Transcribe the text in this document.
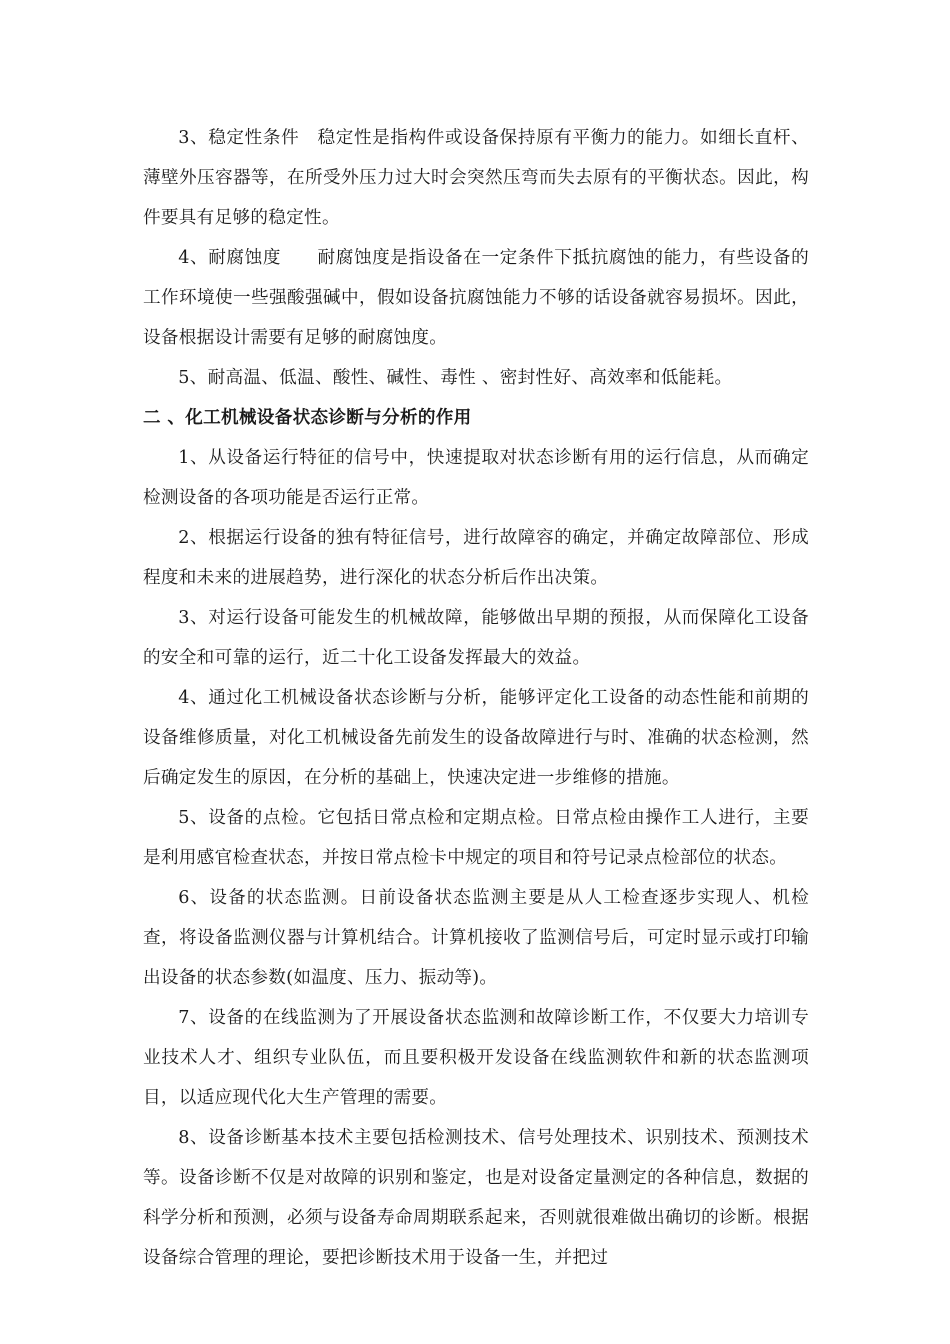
3、稳定性条件　稳定性是指构件或设备保持原有平衡力的能力。如细长直杆、薄壁外压容器等，在所受外压力过大时会突然压弯而失去原有的平衡状态。因此，构件要具有足够的稳定性。

4、耐腐蚀度　　耐腐蚀度是指设备在一定条件下抵抗腐蚀的能力，有些设备的工作环境使一些强酸强碱中，假如设备抗腐蚀能力不够的话设备就容易损坏。因此，设备根据设计需要有足够的耐腐蚀度。

5、耐高温、低温、酸性、碱性、毒性 、密封性好、高效率和低能耗。

二 、化工机械设备状态诊断与分析的作用

1、从设备运行特征的信号中，快速提取对状态诊断有用的运行信息，从而确定检测设备的各项功能是否运行正常。

2、根据运行设备的独有特征信号，进行故障容的确定，并确定故障部位、形成程度和未来的进展趋势，进行深化的状态分析后作出决策。

3、对运行设备可能发生的机械故障，能够做出早期的预报，从而保障化工设备的安全和可靠的运行，近二十化工设备发挥最大的效益。

4、通过化工机械设备状态诊断与分析，能够评定化工设备的动态性能和前期的设备维修质量，对化工机械设备先前发生的设备故障进行与时、准确的状态检测，然后确定发生的原因，在分析的基础上，快速决定进一步维修的措施。

5、设备的点检。它包括日常点检和定期点检。日常点检由操作工人进行，主要是利用感官检查状态，并按日常点检卡中规定的项目和符号记录点检部位的状态。

6、设备的状态监测。日前设备状态监测主要是从人工检查逐步实现人、机检查，将设备监测仪器与计算机结合。计算机接收了监测信号后，可定时显示或打印输出设备的状态参数(如温度、压力、振动等)。

7、设备的在线监测为了开展设备状态监测和故障诊断工作，不仅要大力培训专业技术人才、组织专业队伍，而且要积极开发设备在线监测软件和新的状态监测项目，以适应现代化大生产管理的需要。

8、设备诊断基本技术主要包括检测技术、信号处理技术、识别技术、预测技术等。设备诊断不仅是对故障的识别和鉴定，也是对设备定量测定的各种信息，数据的科学分析和预测，必须与设备寿命周期联系起来，否则就很难做出确切的诊断。根据设备综合管理的理论，要把诊断技术用于设备一生，并把过
